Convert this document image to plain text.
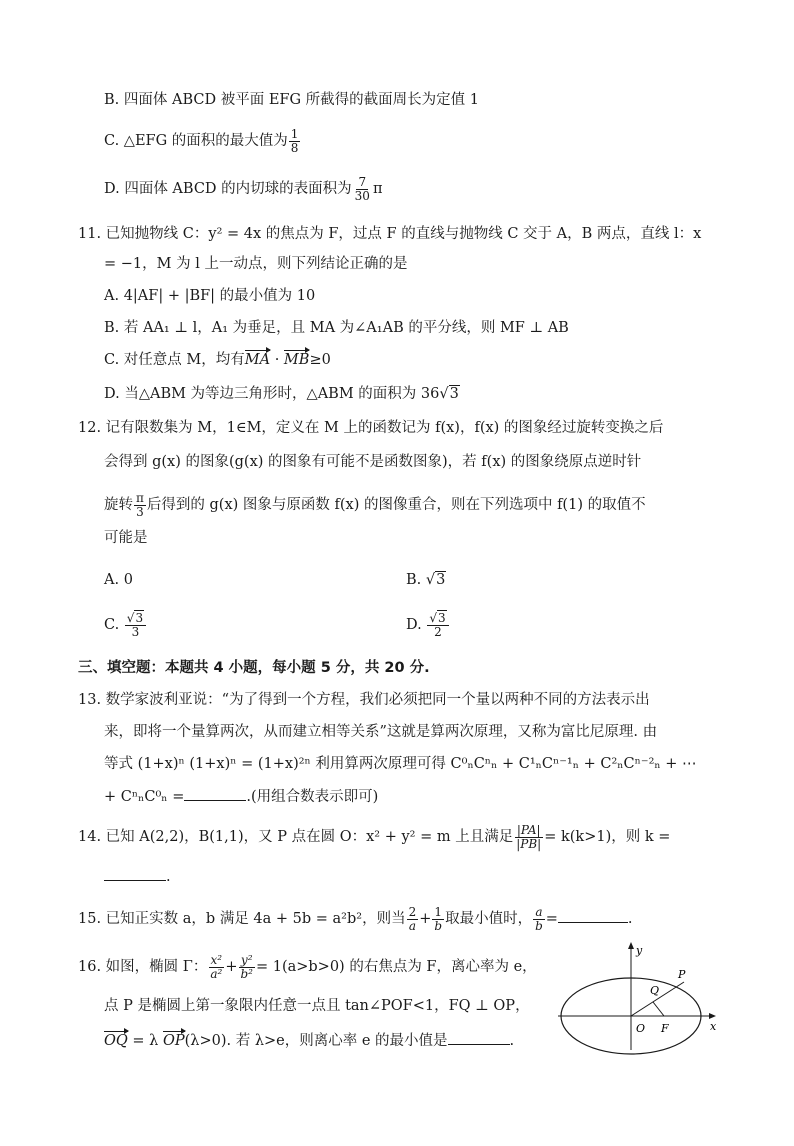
B. 四面体 ABCD 被平面 EFG 所截得的截面周长为定值 1
C. △EFG 的面积的最大值为 $\frac{1}{8}$
D. 四面体 ABCD 的内切球的表面积为 $\frac{7}{30}$ π
11. 已知抛物线 C：y² = 4x 的焦点为 F，过点 F 的直线与抛物线 C 交于 A，B 两点，直线 l：x
= −1，M 为 l 上一动点，则下列结论正确的是
A. 4|AF| + |BF| 的最小值为 10
B. 若 AA₁ ⊥ l，A₁ 为垂足，且 MA 为∠A₁AB 的平分线，则 MF ⊥ AB
C. 对任意点 M，均有MA · MB≥0
D. 当△ABM 为等边三角形时，△ABM 的面积为 36√3
12. 记有限数集为 M，1∈M，定义在 M 上的函数记为 f(x)，f(x) 的图象经过旋转变换之后
会得到 g(x) 的图象(g(x) 的图象有可能不是函数图象)，若 f(x) 的图象绕原点逆时针
旋转 $\frac{\pi}{3}$ 后得到的 g(x) 图象与原函数 f(x) 的图像重合，则在下列选项中 f(1) 的取值不
可能是
A. 0	B. √3
C. $\frac{√3}{3}$	D. $\frac{√3}{2}$
三、填空题：本题共 4 小题，每小题 5 分，共 20 分.
13. 数学家波利亚说：“为了得到一个方程，我们必须把同一个量以两种不同的方法表示出
来，即将一个量算两次，从而建立相等关系”这就是算两次原理，又称为富比尼原理. 由
等式 (1+x)ⁿ (1+x)ⁿ = (1+x)²ⁿ 利用算两次原理可得 C⁰ₙCⁿₙ + C¹ₙCⁿ⁻¹ₙ + C²ₙCⁿ⁻²ₙ + ⋯
+ CⁿₙC⁰ₙ =	.(用组合数表示即可)
14. 已知 A(2,2)，B(1,1)，又 P 点在圆 O：x² + y² = m 上且满足 $\frac{|PA|}{|PB|} = k(k>1)$，则 k =
.
15. 已知正实数 a，b 满足 4a + 5b = a²b²，则当 $\frac{2}{a} + \frac{1}{b}$ 取最小值时， $\frac{a}{b}$ =	.
16. 如图，椭圆 Γ： $\frac{\text{x²}}{\text{a²}} + \frac{\text{y²}}{\text{b²}} = 1(a>b>0)$ 的右焦点为 F，离心率为 e，
点 P 是椭圆上第一象限内任意一点且 tan∠POF<1，FQ ⊥ OP，
OQ = λ OP(λ>0). 若 λ>e，则离心率 e 的最小值是	.
y
x
O F
P
Q
